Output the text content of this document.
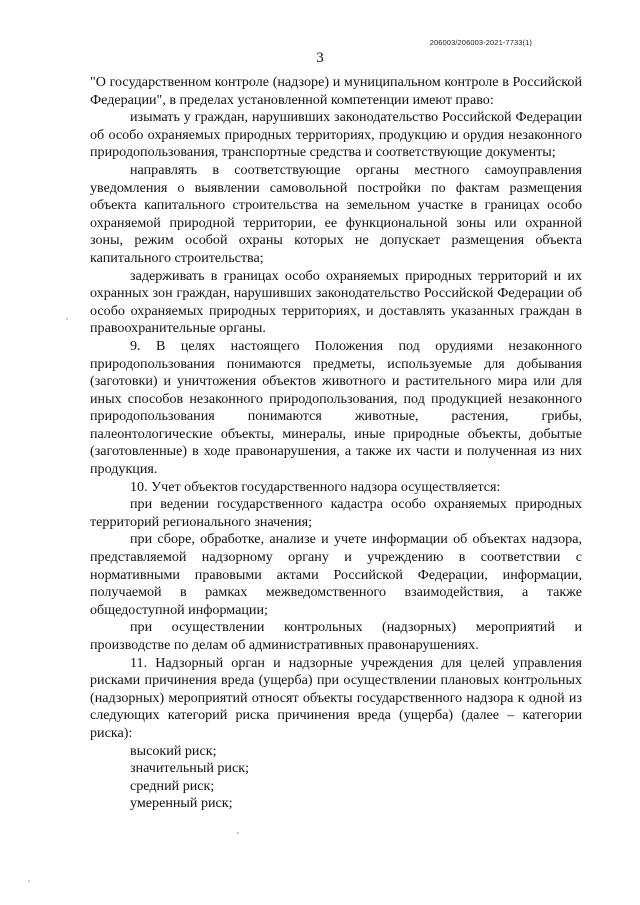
206003/206003-2021-7733(1)
3

"О государственном контроле (надзоре) и муниципальном контроле в Российской Федерации", в пределах установленной компетенции имеют право:

изымать у граждан, нарушивших законодательство Российской Федерации об особо охраняемых природных территориях, продукцию и орудия незаконного природопользования, транспортные средства и соответствующие документы;

направлять в соответствующие органы местного самоуправления уведомления о выявлении самовольной постройки по фактам размещения объекта капитального строительства на земельном участке в границах особо охраняемой природной территории, ее функциональной зоны или охранной зоны, режим особой охраны которых не допускает размещения объекта капитального строительства;

задерживать в границах особо охраняемых природных территорий и их охранных зон граждан, нарушивших законодательство Российской Федерации об особо охраняемых природных территориях, и доставлять указанных граждан в правоохранительные органы.

9. В целях настоящего Положения под орудиями незаконного природопользования понимаются предметы, используемые для добывания (заготовки) и уничтожения объектов животного и растительного мира или для иных способов незаконного природопользования, под продукцией незаконного природопользования понимаются животные, растения, грибы, палеонтологические объекты, минералы, иные природные объекты, добытые (заготовленные) в ходе правонарушения, а также их части и полученная из них продукция.

10. Учет объектов государственного надзора осуществляется:

при ведении государственного кадастра особо охраняемых природных территорий регионального значения;

при сборе, обработке, анализе и учете информации об объектах надзора, представляемой надзорному органу и учреждению в соответствии с нормативными правовыми актами Российской Федерации, информации, получаемой в рамках межведомственного взаимодействия, а также общедоступной информации;

при осуществлении контрольных (надзорных) мероприятий и производстве по делам об административных правонарушениях.

11. Надзорный орган и надзорные учреждения для целей управления рисками причинения вреда (ущерба) при осуществлении плановых контрольных (надзорных) мероприятий относят объекты государственного надзора к одной из следующих категорий риска причинения вреда (ущерба) (далее – категории риска):

высокий риск;

значительный риск;

средний риск;

умеренный риск;
